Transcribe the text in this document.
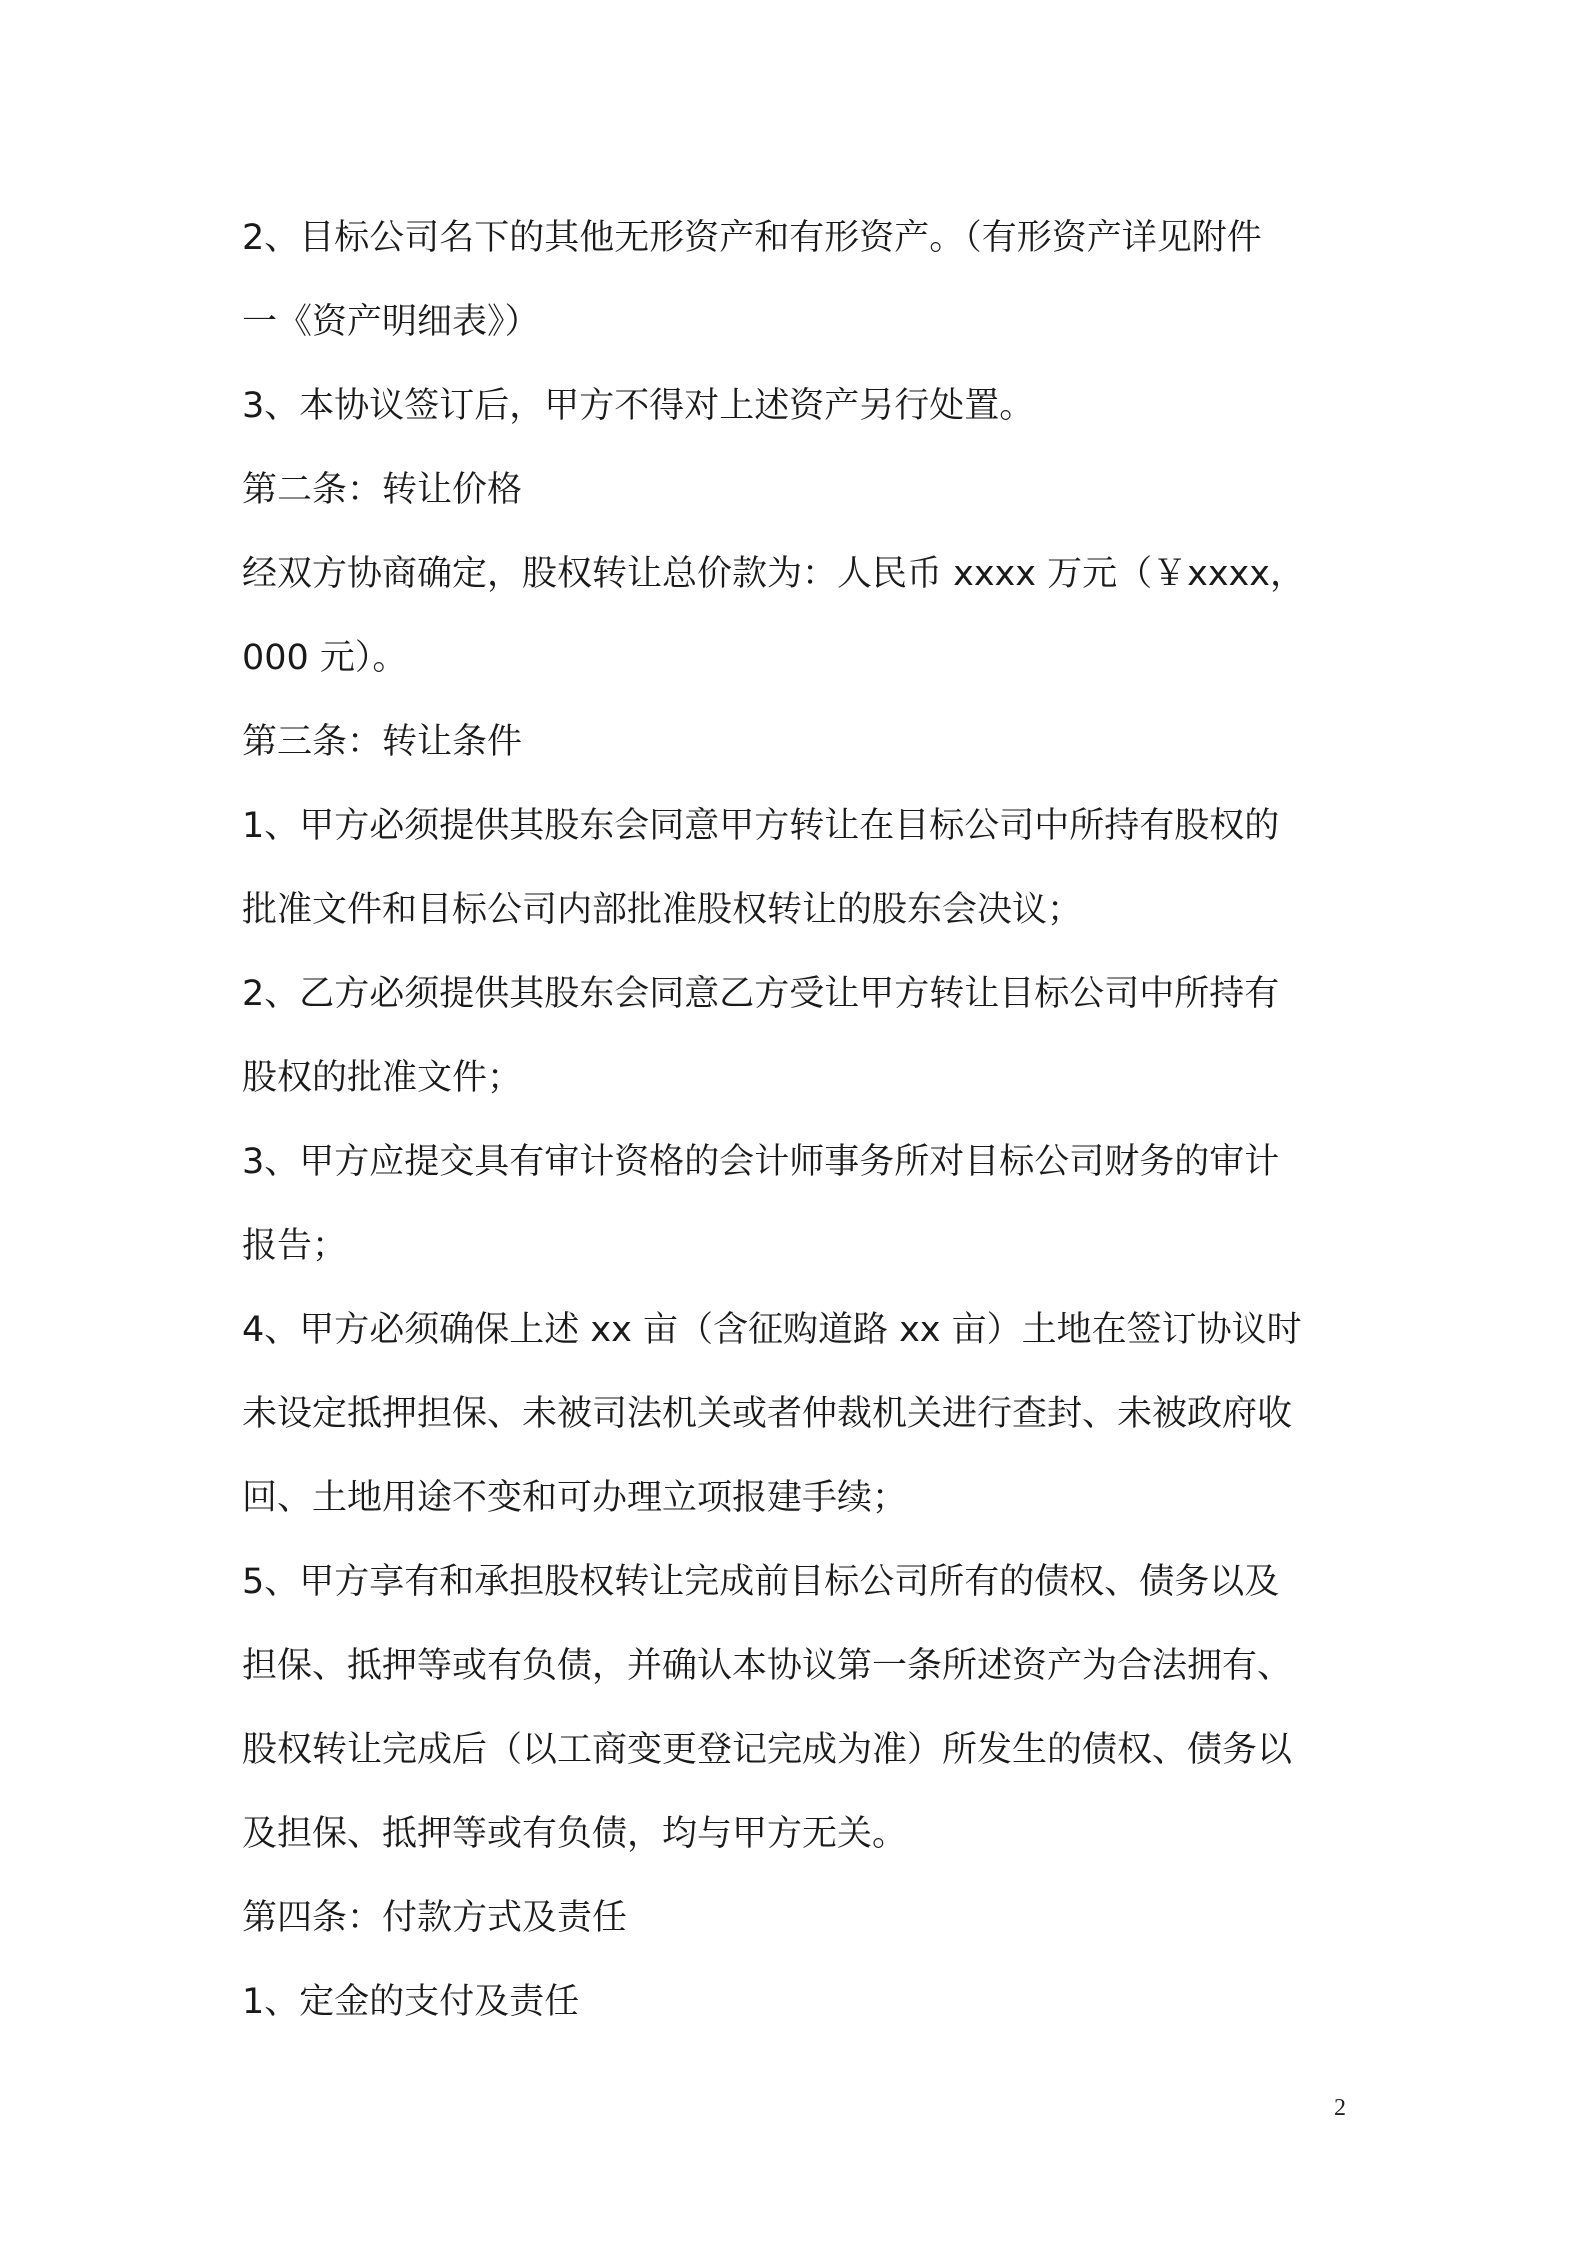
2、目标公司名下的其他无形资产和有形资产。（有形资产详见附件
一《资产明细表》）
3、本协议签订后，甲方不得对上述资产另行处置。
第二条：转让价格
经双方协商确定，股权转让总价款为：人民币 xxxx 万元（￥xxxx，
000 元）。
第三条：转让条件
1、甲方必须提供其股东会同意甲方转让在目标公司中所持有股权的
批准文件和目标公司内部批准股权转让的股东会决议；
2、乙方必须提供其股东会同意乙方受让甲方转让目标公司中所持有
股权的批准文件；
3、甲方应提交具有审计资格的会计师事务所对目标公司财务的审计
报告；
4、甲方必须确保上述 xx 亩（含征购道路 xx 亩）土地在签订协议时
未设定抵押担保、未被司法机关或者仲裁机关进行查封、未被政府收
回、土地用途不变和可办理立项报建手续；
5、甲方享有和承担股权转让完成前目标公司所有的债权、债务以及
担保、抵押等或有负债，并确认本协议第一条所述资产为合法拥有、
股权转让完成后（以工商变更登记完成为准）所发生的债权、债务以
及担保、抵押等或有负债，均与甲方无关。
第四条：付款方式及责任
1、定金的支付及责任
2
